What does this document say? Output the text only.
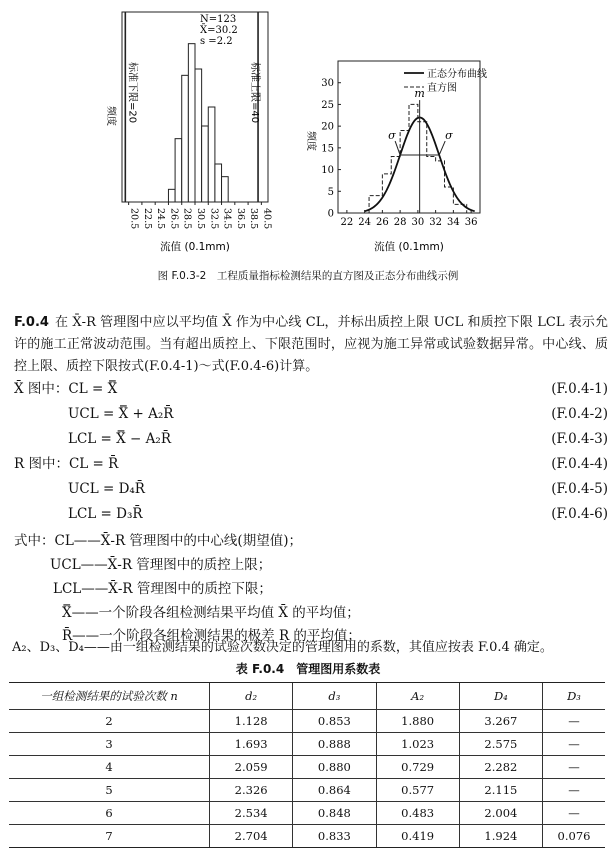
20.5 22.5 24.5 26.5 28.5 30.5 32.5 34.5 36.5 38.5 40.5
标准下限=20	标准上限=40
N=123
X̄=30.2
s =2.2
频度
流值 (0.1mm)
22 24 26 28 30 32 34 36
0
5
10
15
20
25
30
m
σ	σ
正态分布曲线
直方图
频度
流值 (0.1mm)
图 F.0.3-2　工程质量指标检测结果的直方图及正态分布曲线示例
F.0.4 在 X̄-R 管理图中应以平均值 X̄ 作为中心线 CL，并标出质控上限 UCL 和质控下限 LCL 表示允许的施工正常波动范围。当有超出质控上、下限范围时，应视为施工异常或试验数据异常。中心线、质控上限、质控下限按式(F.0.4-1)～式(F.0.4-6)计算。
X̄ 图中：CL = X̿	(F.0.4-1)
UCL = X̿ + A₂R̄	(F.0.4-2)
LCL = X̿ − A₂R̄	(F.0.4-3)
R 图中：CL = R̄	(F.0.4-4)
UCL = D₄R̄	(F.0.4-5)
LCL = D₃R̄	(F.0.4-6)
式中：CL——X̄-R 管理图中的中心线(期望值)；
UCL——X̄-R 管理图中的质控上限；
LCL——X̄-R 管理图中的质控下限；
X̿——一个阶段各组检测结果平均值 X̄ 的平均值；
R̄——一个阶段各组检测结果的极差 R 的平均值；
A₂、D₃、D₄——由一组检测结果的试验次数决定的管理图用的系数，其值应按表 F.0.4 确定。
表 F.0.4　管理图用系数表
一组检测结果的试验次数 n	d₂	d₃	A₂	D₄	D₃
2	1.128	0.853	1.880	3.267	—
3	1.693	0.888	1.023	2.575	—
4	2.059	0.880	0.729	2.282	—
5	2.326	0.864	0.577	2.115	—
6	2.534	0.848	0.483	2.004	—
7	2.704	0.833	0.419	1.924	0.076
